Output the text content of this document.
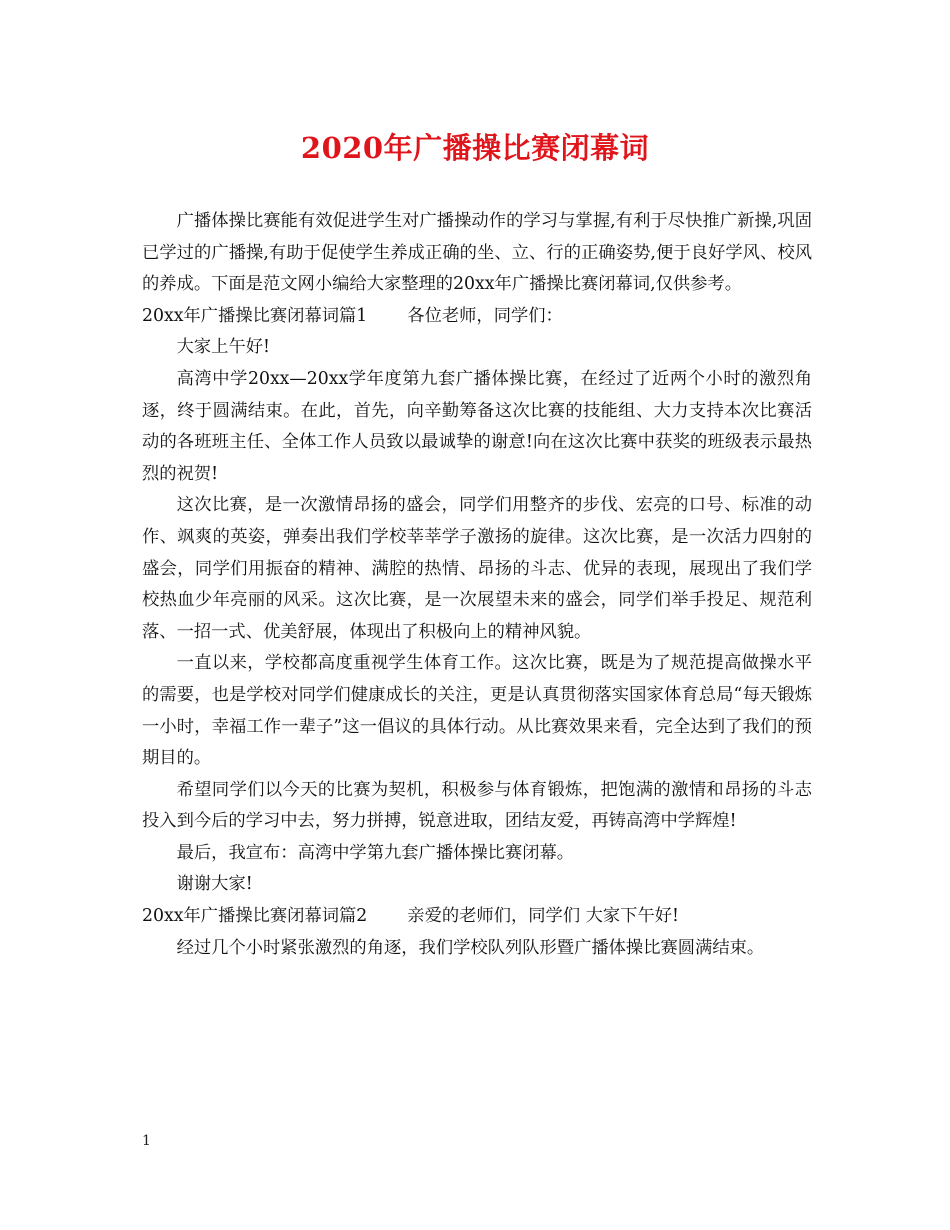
2020年广播操比赛闭幕词

广播体操比赛能有效促进学生对广播操动作的学习与掌握,有利于尽快推广新操,巩固已学过的广播操,有助于促使学生养成正确的坐、立、行的正确姿势,便于良好学风、校风的养成。下面是范文网小编给大家整理的20xx年广播操比赛闭幕词,仅供参考。

20xx年广播操比赛闭幕词篇1 各位老师，同学们：

大家上午好!

高湾中学20xx—20xx学年度第九套广播体操比赛，在经过了近两个小时的激烈角逐，终于圆满结束。在此，首先，向辛勤筹备这次比赛的技能组、大力支持本次比赛活动的各班班主任、全体工作人员致以最诚挚的谢意!向在这次比赛中获奖的班级表示最热烈的祝贺!

这次比赛，是一次激情昂扬的盛会，同学们用整齐的步伐、宏亮的口号、标准的动作、飒爽的英姿，弹奏出我们学校莘莘学子激扬的旋律。这次比赛，是一次活力四射的盛会，同学们用振奋的精神、满腔的热情、昂扬的斗志、优异的表现，展现出了我们学校热血少年亮丽的风采。这次比赛，是一次展望未来的盛会，同学们举手投足、规范利落、一招一式、优美舒展，体现出了积极向上的精神风貌。

一直以来，学校都高度重视学生体育工作。这次比赛，既是为了规范提高做操水平的需要，也是学校对同学们健康成长的关注，更是认真贯彻落实国家体育总局“每天锻炼一小时，幸福工作一辈子”这一倡议的具体行动。从比赛效果来看，完全达到了我们的预期目的。

希望同学们以今天的比赛为契机，积极参与体育锻炼，把饱满的激情和昂扬的斗志投入到今后的学习中去，努力拼搏，锐意进取，团结友爱，再铸高湾中学辉煌!

最后，我宣布：高湾中学第九套广播体操比赛闭幕。

谢谢大家!

20xx年广播操比赛闭幕词篇2 亲爱的老师们，同学们 大家下午好!

经过几个小时紧张激烈的角逐，我们学校队列队形暨广播体操比赛圆满结束。

1
